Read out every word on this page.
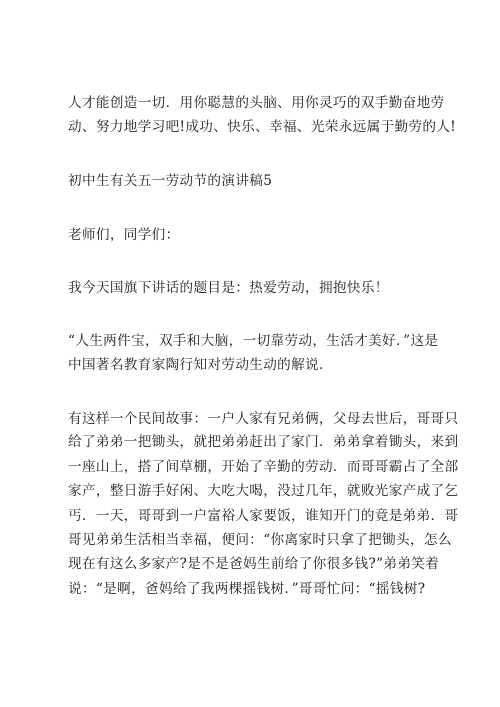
人才能创造一切．用你聪慧的头脑、用你灵巧的双手勤奋地劳
动、努力地学习吧!成功、快乐、幸福、光荣永远属于勤劳的人!
初中生有关五一劳动节的演讲稿5
老师们，同学们：
我今天国旗下讲话的题目是：热爱劳动，拥抱快乐！
“人生两件宝，双手和大脑，一切靠劳动，生活才美好．”这是
中国著名教育家陶行知对劳动生动的解说.
有这样一个民间故事：一户人家有兄弟俩，父母去世后，哥哥只
给了弟弟一把锄头，就把弟弟赶出了家门．弟弟拿着锄头，来到
一座山上，搭了间草棚，开始了辛勤的劳动．而哥哥霸占了全部
家产，整日游手好闲、大吃大喝，没过几年，就败光家产成了乞
丐．一天，哥哥到一户富裕人家要饭，谁知开门的竟是弟弟．哥
哥见弟弟生活相当幸福，便问：“你离家时只拿了把锄头，怎么
现在有这么多家产?是不是爸妈生前给了你很多钱?”弟弟笑着
说：“是啊，爸妈给了我两棵摇钱树．”哥哥忙问：“摇钱树?
